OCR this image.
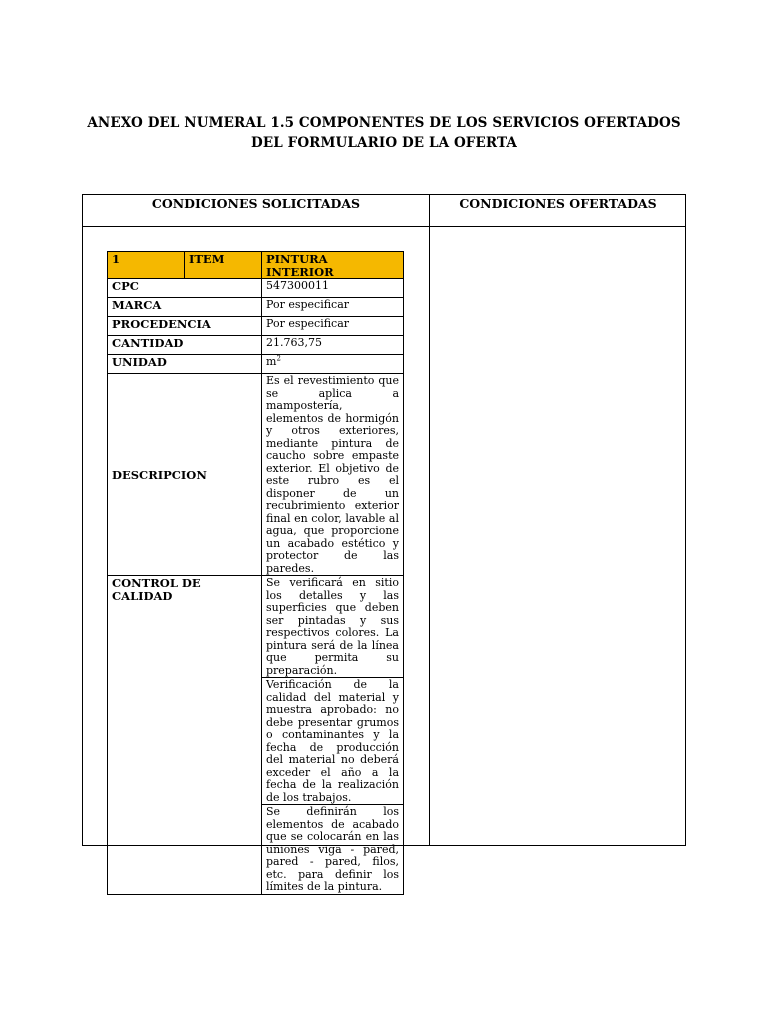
ANEXO DEL NUMERAL 1.5 COMPONENTES DE LOS SERVICIOS OFERTADOS
DEL FORMULARIO DE LA OFERTA
CONDICIONES SOLICITADAS	CONDICIONES OFERTADAS
1	ITEM	PINTURA INTERIOR
CPC		547300011
MARCA		Por especificar
PROCEDENCIA		Por especificar
CANTIDAD		21.763,75
UNIDAD		$m^2$
DESCRIPCION		Es el revestimiento que se aplica a mampostería, elementos de hormigón y otros exteriores, mediante pintura de caucho sobre empaste exterior. El objetivo de este rubro es el disponer de un recubrimiento exterior final en color, lavable al agua, que proporcione un acabado estético y protector de las paredes.
CONTROL DE CALIDAD		Se verificará en sitio los detalles y las superficies que deben ser pintadas y sus respectivos colores. La pintura será de la línea que permita su preparación.
		Verificación de la calidad del material y muestra aprobado: no debe presentar grumos o contaminantes y la fecha de producción del material no deberá exceder el año a la fecha de la realización de los trabajos.
		Se definirán los elementos de acabado que se colocarán en las uniones viga - pared, pared - pared, filos, etc. para definir los límites de la pintura.
